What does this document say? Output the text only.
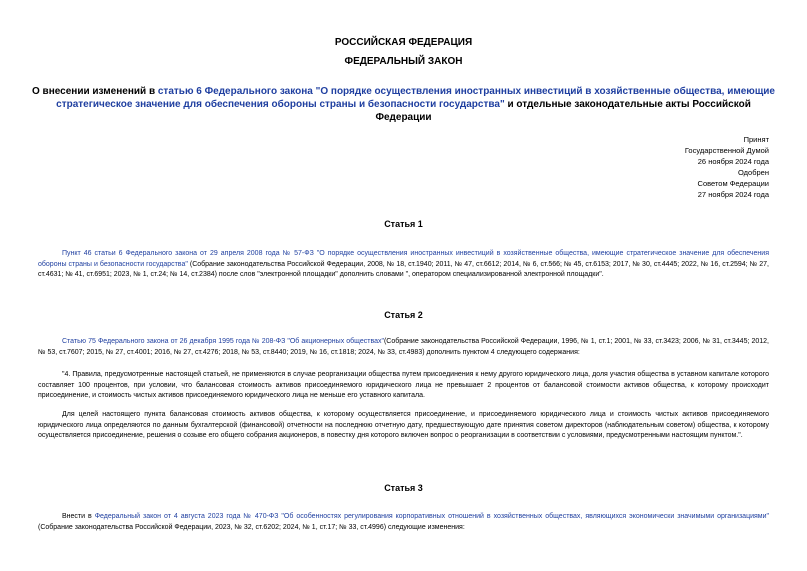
РОССИЙСКАЯ ФЕДЕРАЦИЯ
ФЕДЕРАЛЬНЫЙ ЗАКОН
О внесении изменений в статью 6 Федерального закона "О порядке осуществления иностранных инвестиций в хозяйственные общества, имеющие стратегическое значение для обеспечения обороны страны и безопасности государства" и отдельные законодательные акты Российской Федерации
Принят
Государственной Думой
26 ноября 2024 года
Одобрен
Советом Федерации
27 ноября 2024 года
Статья 1
Пункт 46 статьи 6 Федерального закона от 29 апреля 2008 года № 57-ФЗ "О порядке осуществления иностранных инвестиций в хозяйственные общества, имеющие стратегическое значение для обеспечения обороны страны и безопасности государства" (Собрание законодательства Российской Федерации, 2008, № 18, ст.1940; 2011, № 47, ст.6612; 2014, № 6, ст.566; № 45, ст.6153; 2017, № 30, ст.4445; 2022, № 16, ст.2594; № 27, ст.4631; № 41, ст.6951; 2023, № 1, ст.24; № 14, ст.2384) после слов "электронной площадки" дополнить словами ", оператором специализированной электронной площадки".
Статья 2
Статью 75 Федерального закона от 26 декабря 1995 года № 208-ФЗ "Об акционерных обществах"(Собрание законодательства Российской Федерации, 1996, № 1, ст.1; 2001, № 33, ст.3423; 2006, № 31, ст.3445; 2012, № 53, ст.7607; 2015, № 27, ст.4001; 2016, № 27, ст.4276; 2018, № 53, ст.8440; 2019, № 16, ст.1818; 2024, № 33, ст.4983) дополнить пунктом 4 следующего содержания:
"4. Правила, предусмотренные настоящей статьей, не применяются в случае реорганизации общества путем присоединения к нему другого юридического лица, доля участия общества в уставном капитале которого составляет 100 процентов, при условии, что балансовая стоимость активов присоединяемого юридического лица не превышает 2 процентов от балансовой стоимости активов общества, к которому происходит присоединение, и стоимость чистых активов присоединяемого юридического лица не меньше его уставного капитала.
Для целей настоящего пункта балансовая стоимость активов общества, к которому осуществляется присоединение, и присоединяемого юридического лица и стоимость чистых активов присоединяемого юридического лица определяются по данным бухгалтерской (финансовой) отчетности на последнюю отчетную дату, предшествующую дате принятия советом директоров (наблюдательным советом) общества, к которому осуществляется присоединение, решения о созыве его общего собрания акционеров, в повестку дня которого включен вопрос о реорганизации в соответствии с условиями, предусмотренными настоящим пунктом.".
Статья 3
Внести в Федеральный закон от 4 августа 2023 года № 470-ФЗ "Об особенностях регулирования корпоративных отношений в хозяйственных обществах, являющихся экономически значимыми организациями" (Собрание законодательства Российской Федерации, 2023, № 32, ст.6202; 2024, № 1, ст.17; № 33, ст.4996) следующие изменения:
